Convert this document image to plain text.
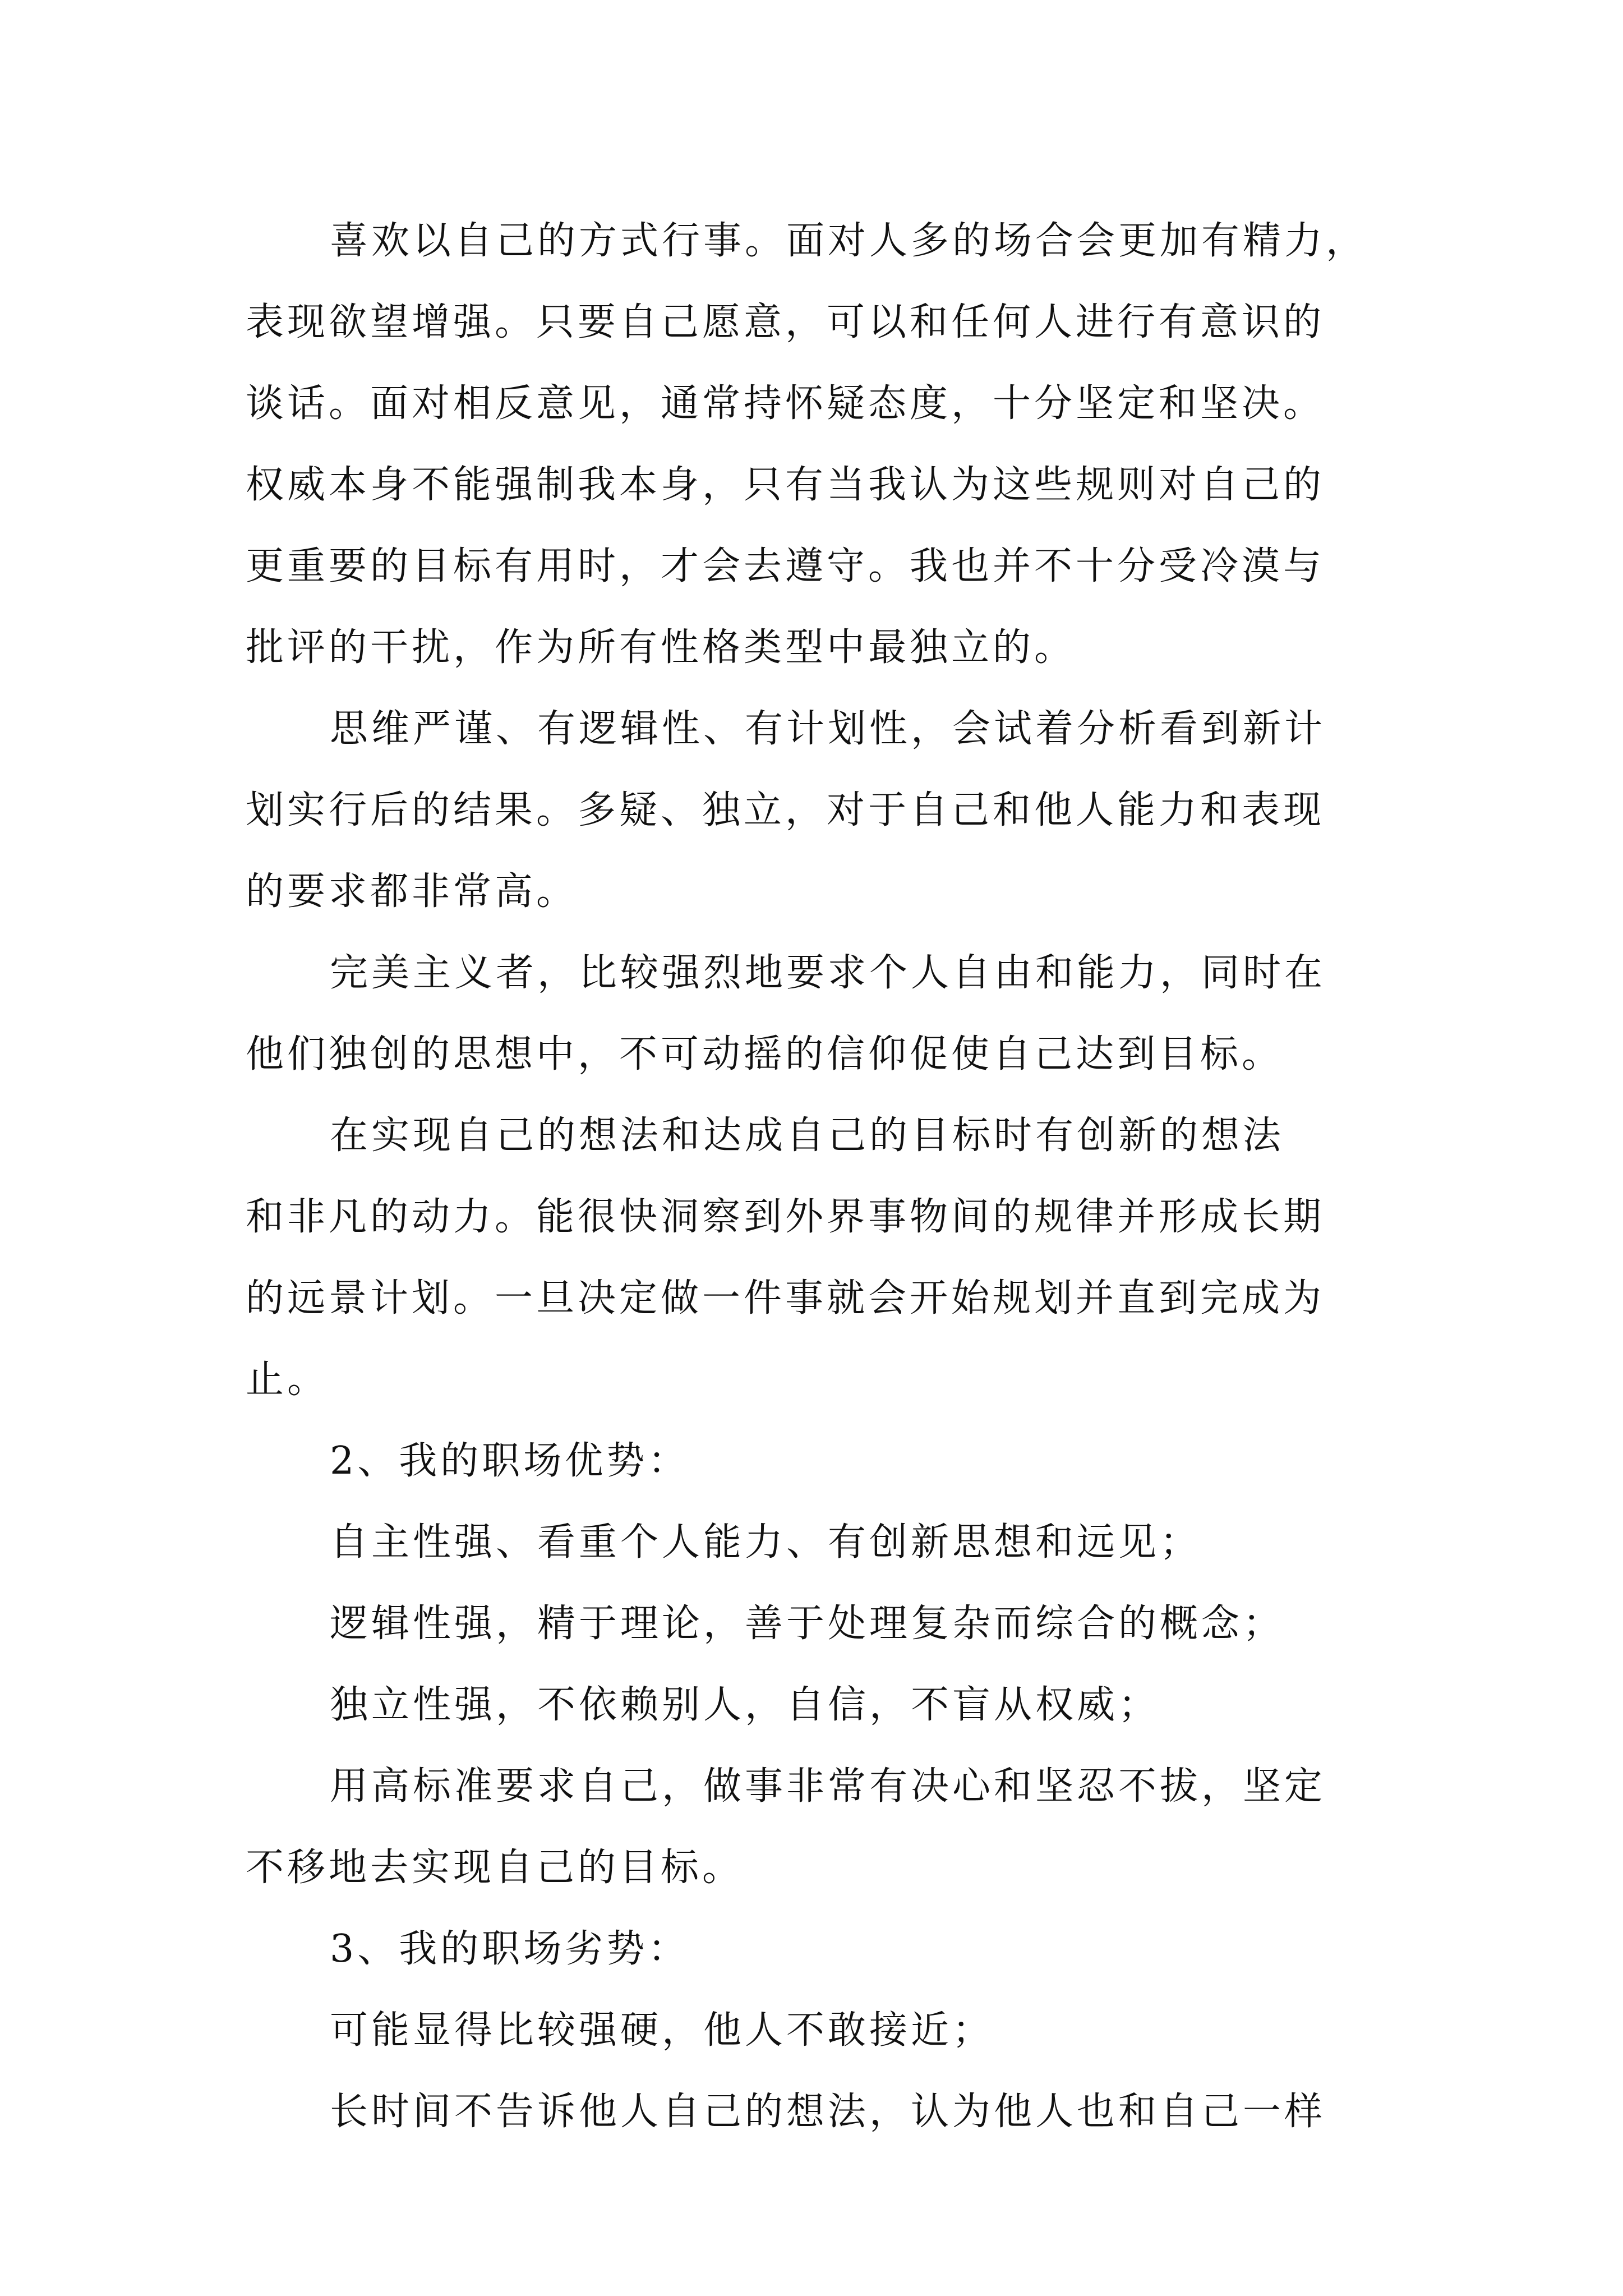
喜欢以自己的方式行事。面对人多的场合会更加有精力，
表现欲望增强。只要自己愿意，可以和任何人进行有意识的
谈话。面对相反意见，通常持怀疑态度，十分坚定和坚决。
权威本身不能强制我本身，只有当我认为这些规则对自己的
更重要的目标有用时，才会去遵守。我也并不十分受冷漠与
批评的干扰，作为所有性格类型中最独立的。

思维严谨、有逻辑性、有计划性，会试着分析看到新计
划实行后的结果。多疑、独立，对于自己和他人能力和表现
的要求都非常高。

完美主义者，比较强烈地要求个人自由和能力，同时在
他们独创的思想中，不可动摇的信仰促使自己达到目标。

在实现自己的想法和达成自己的目标时有创新的想法
和非凡的动力。能很快洞察到外界事物间的规律并形成长期
的远景计划。一旦决定做一件事就会开始规划并直到完成为
止。

2、我的职场优势：

自主性强、看重个人能力、有创新思想和远见；

逻辑性强，精于理论，善于处理复杂而综合的概念；

独立性强，不依赖别人，自信，不盲从权威；

用高标准要求自己，做事非常有决心和坚忍不拔，坚定
不移地去实现自己的目标。

3、我的职场劣势：

可能显得比较强硬，他人不敢接近；

长时间不告诉他人自己的想法，认为他人也和自己一样
